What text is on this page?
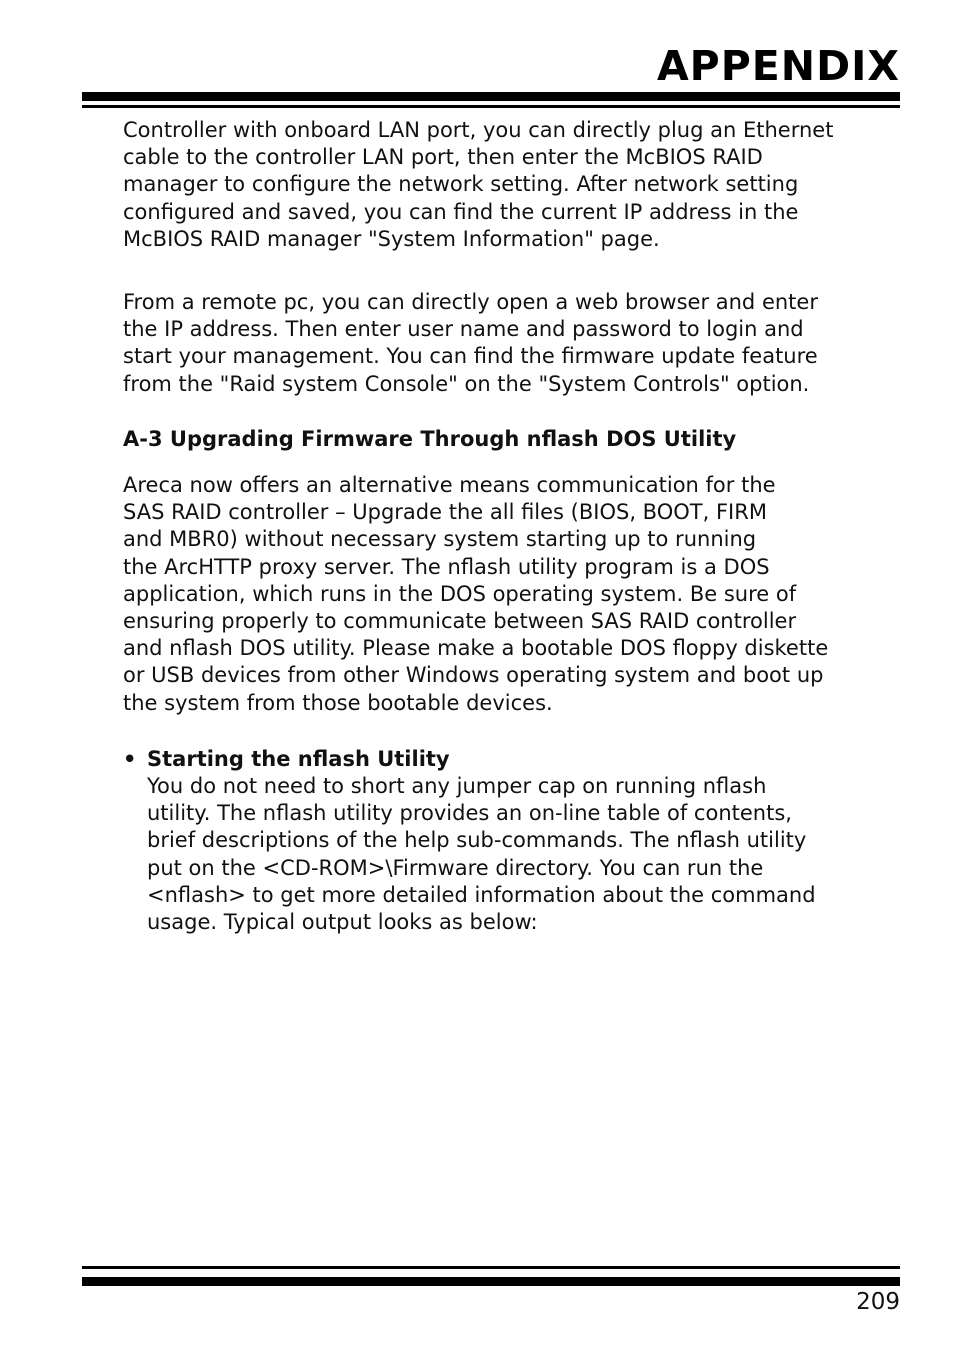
APPENDIX

Controller with onboard LAN port, you can directly plug an Ethernet
cable to the controller LAN port, then enter the McBIOS RAID
manager to configure the network setting. After network setting
configured and saved, you can find the current IP address in the
McBIOS RAID manager "System Information" page.

From a remote pc, you can directly open a web browser and enter
the IP address. Then enter user name and password to login and
start your management. You can find the firmware update feature
from the "Raid system Console" on the "System Controls" option.

A-3 Upgrading Firmware Through nflash DOS Utility

Areca now offers an alternative means communication for the
SAS RAID controller – Upgrade the all files (BIOS, BOOT, FIRM
and MBR0) without necessary system starting up to running
the ArcHTTP proxy server. The nflash utility program is a DOS
application, which runs in the DOS operating system. Be sure of
ensuring properly to communicate between SAS RAID controller
and nflash DOS utility. Please make a bootable DOS floppy diskette
or USB devices from other Windows operating system and boot up
the system from those bootable devices.

• Starting the nflash Utility

You do not need to short any jumper cap on running nflash
utility. The nflash utility provides an on-line table of contents,
brief descriptions of the help sub-commands. The nflash utility
put on the <CD-ROM>\Firmware directory. You can run the
<nflash> to get more detailed information about the command
usage. Typical output looks as below:

209
